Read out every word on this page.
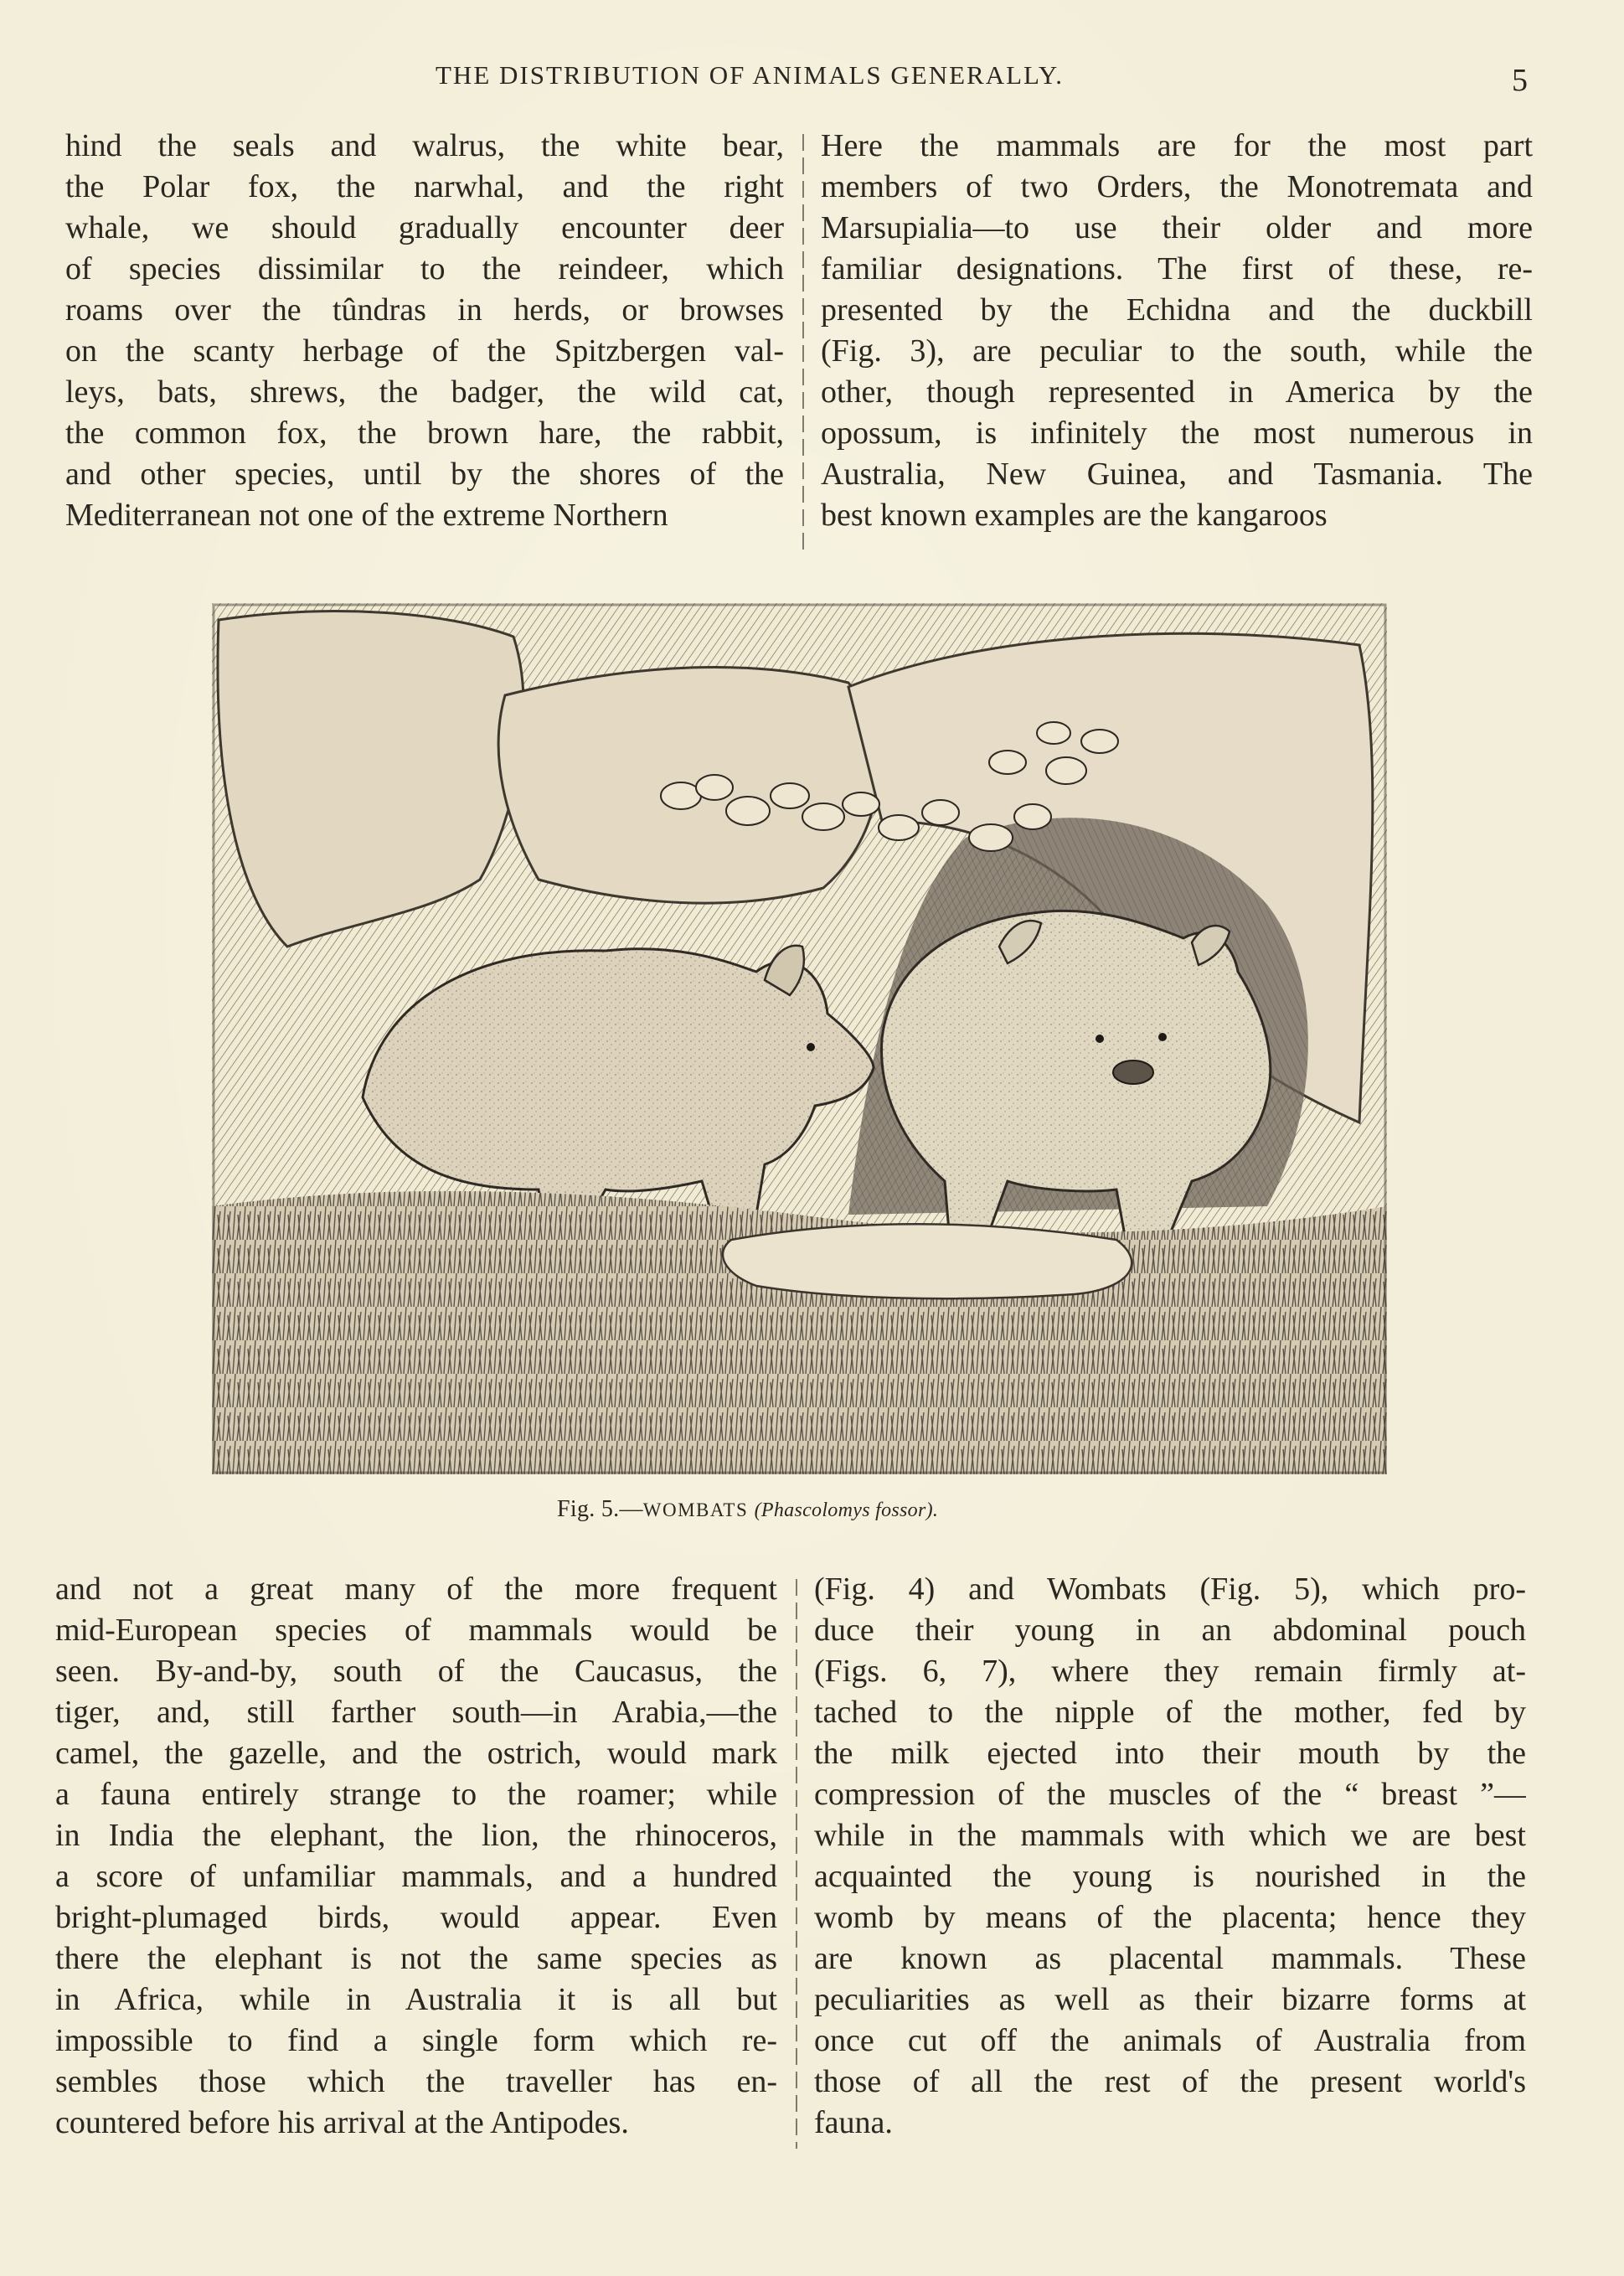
THE DISTRIBUTION OF ANIMALS GENERALLY.	5
hind the seals and walrus, the white bear,
the Polar fox, the narwhal, and the right
whale, we should gradually encounter deer
of species dissimilar to the reindeer, which
roams over the tûndras in herds, or browses
on the scanty herbage of the Spitzbergen val-
leys, bats, shrews, the badger, the wild cat,
the common fox, the brown hare, the rabbit,
and other species, until by the shores of the
Mediterranean not one of the extreme Northern
Here the mammals are for the most part
members of two Orders, the Monotremata and
Marsupialia—to use their older and more
familiar designations. The first of these, re-
presented by the Echidna and the duckbill
(Fig. 3), are peculiar to the south, while the
other, though represented in America by the
opossum, is infinitely the most numerous in
Australia, New Guinea, and Tasmania. The
best known examples are the kangaroos
Fig. 5.—WOMBATS (Phascolomys fossor).
and not a great many of the more frequent
mid-European species of mammals would be
seen. By-and-by, south of the Caucasus, the
tiger, and, still farther south—in Arabia,—the
camel, the gazelle, and the ostrich, would mark
a fauna entirely strange to the roamer; while
in India the elephant, the lion, the rhinoceros,
a score of unfamiliar mammals, and a hundred
bright-plumaged birds, would appear. Even
there the elephant is not the same species as
in Africa, while in Australia it is all but
impossible to find a single form which re-
sembles those which the traveller has en-
countered before his arrival at the Antipodes.
(Fig. 4) and Wombats (Fig. 5), which pro-
duce their young in an abdominal pouch
(Figs. 6, 7), where they remain firmly at-
tached to the nipple of the mother, fed by
the milk ejected into their mouth by the
compression of the muscles of the “ breast ”—
while in the mammals with which we are best
acquainted the young is nourished in the
womb by means of the placenta; hence they
are known as placental mammals. These
peculiarities as well as their bizarre forms at
once cut off the animals of Australia from
those of all the rest of the present world's
fauna.
